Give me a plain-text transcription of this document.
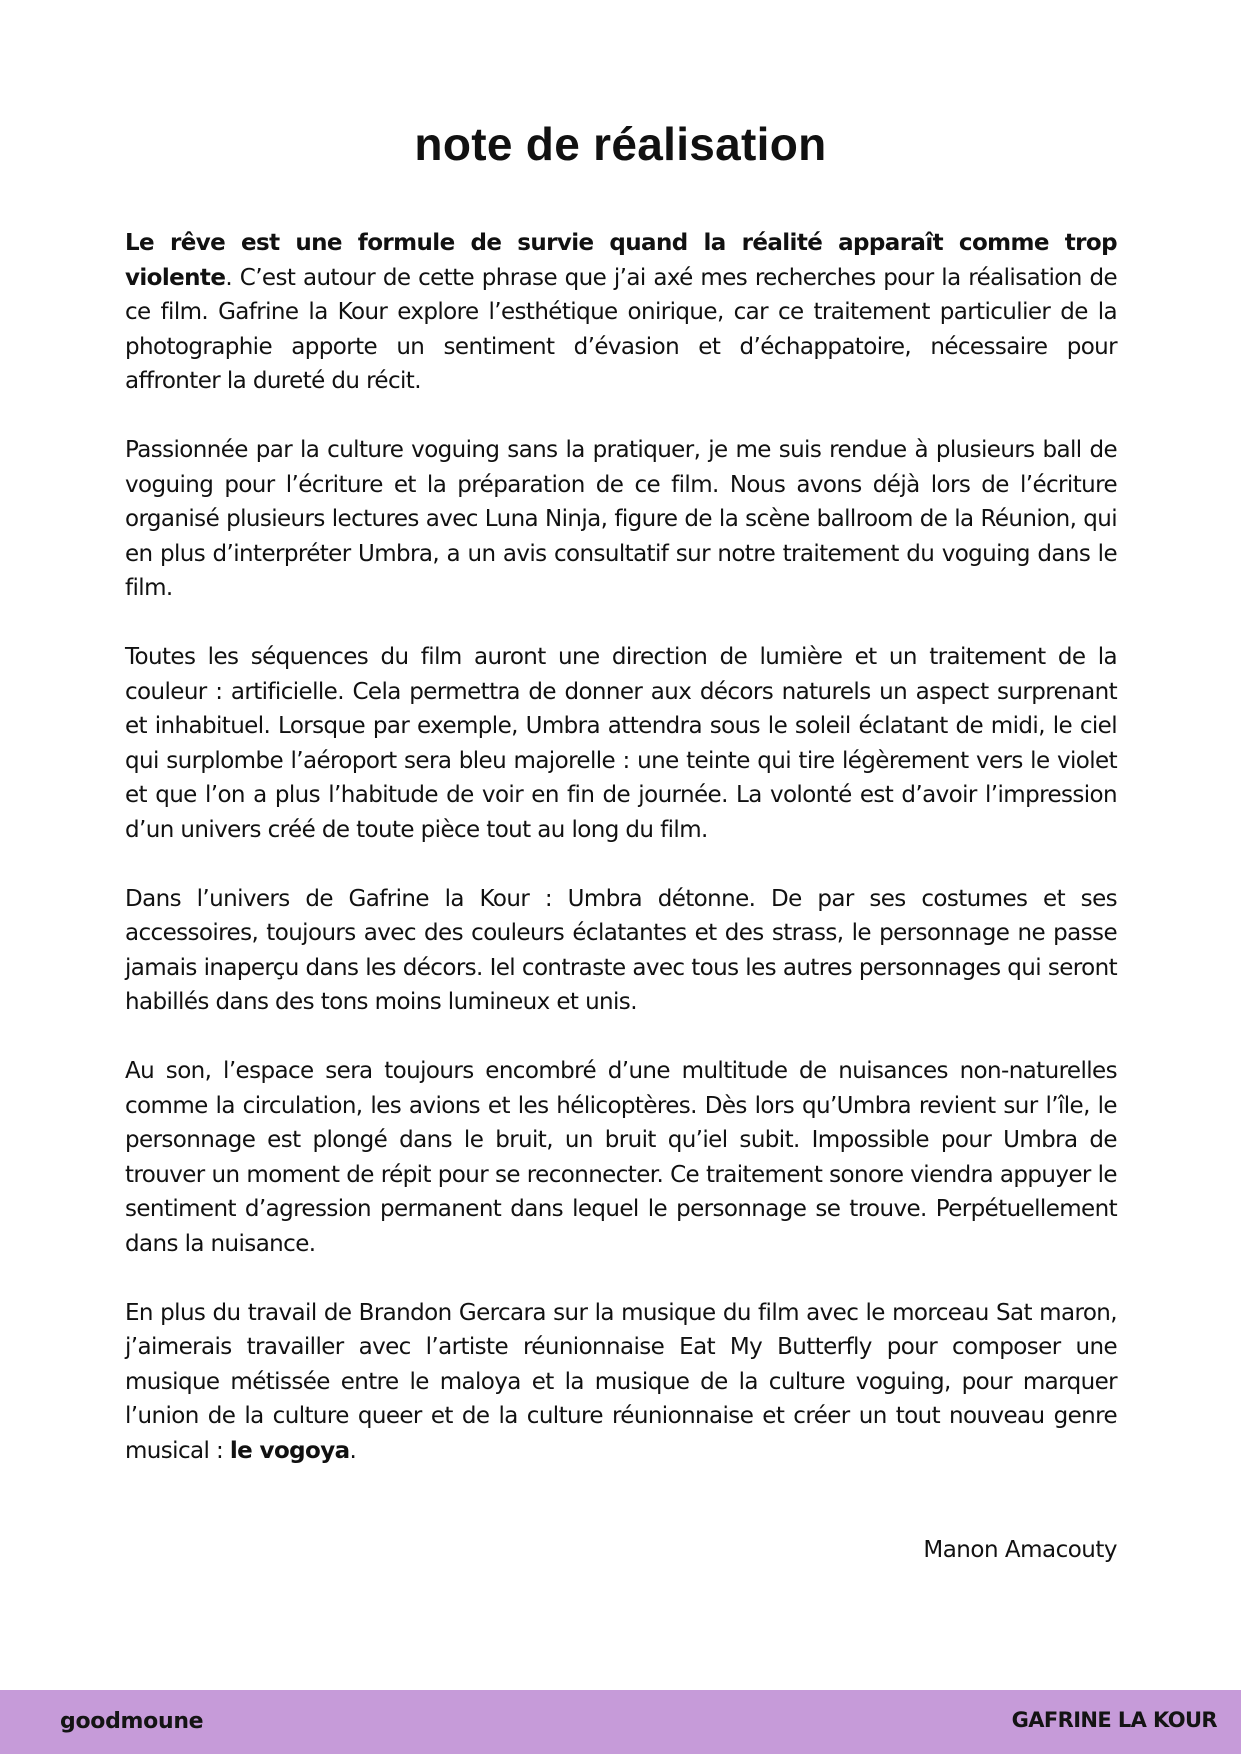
note de réalisation

Le rêve est une formule de survie quand la réalité apparaît comme trop violente. C’est autour de cette phrase que j’ai axé mes recherches pour la réalisation de ce film. Gafrine la Kour explore l’esthétique onirique, car ce traitement particulier de la photographie apporte un sentiment d’évasion et d’échappatoire, nécessaire pour affronter la dureté du récit.

Passionnée par la culture voguing sans la pratiquer, je me suis rendue à plusieurs ball de voguing pour l’écriture et la préparation de ce film. Nous avons déjà lors de l’écriture organisé plusieurs lectures avec Luna Ninja, figure de la scène ballroom de la Réunion, qui en plus d’interpréter Umbra, a un avis consultatif sur notre traitement du voguing dans le film.

Toutes les séquences du film auront une direction de lumière et un traitement de la couleur : artificielle. Cela permettra de donner aux décors naturels un aspect surprenant et inhabituel. Lorsque par exemple, Umbra attendra sous le soleil éclatant de midi, le ciel qui surplombe l’aéroport sera bleu majorelle : une teinte qui tire légèrement vers le violet et que l’on a plus l’habitude de voir en fin de journée. La volonté est d’avoir l’impression d’un univers créé de toute pièce tout au long du film.

Dans l’univers de Gafrine la Kour : Umbra détonne. De par ses costumes et ses accessoires, toujours avec des couleurs éclatantes et des strass, le personnage ne passe jamais inaperçu dans les décors. Iel contraste avec tous les autres personnages qui seront habillés dans des tons moins lumineux et unis.

Au son, l’espace sera toujours encombré d’une multitude de nuisances non-naturelles comme la circulation, les avions et les hélicoptères. Dès lors qu’Umbra revient sur l’île, le personnage est plongé dans le bruit, un bruit qu’iel subit. Impossible pour Umbra de trouver un moment de répit pour se reconnecter. Ce traitement sonore viendra appuyer le sentiment d’agression permanent dans lequel le personnage se trouve. Perpétuellement dans la nuisance.

En plus du travail de Brandon Gercara sur la musique du film avec le morceau Sat maron, j’aimerais travailler avec l’artiste réunionnaise Eat My Butterfly pour composer une musique métissée entre le maloya et la musique de la culture voguing, pour marquer l’union de la culture queer et de la culture réunionnaise et créer un tout nouveau genre musical : le vogoya.

Manon Amacouty

goodmoune	GAFRINE LA KOUR
